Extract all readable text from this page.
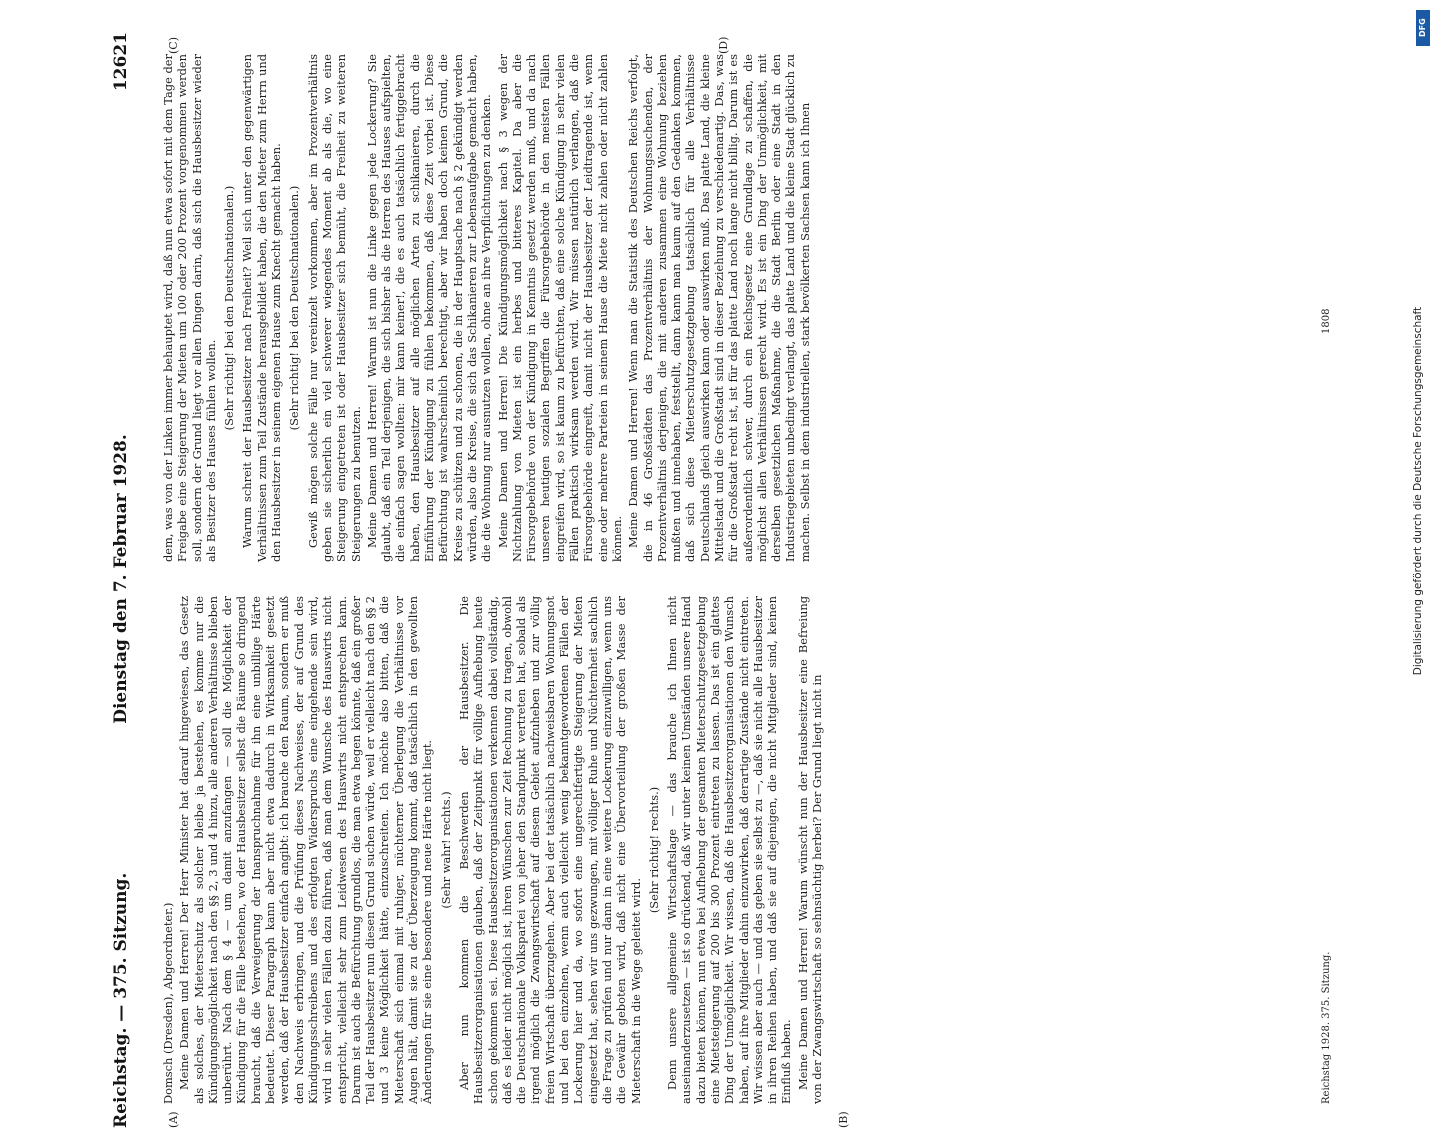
Reichstag. — 375. Sitzung.
Dienstag den 7. Februar 1928.
12621
(A)	(B)
(C)	(D)

Domsch (Dresden), Abgeordneter.) Meine Damen und Herren! Der Herr Minister hat darauf hingewiesen, das Gesetz als solches, der Mieterschutz als solcher bleibe ja bestehen, es komme nur die Kündigungsmöglichkeit nach den §§ 2, 3 und 4 hinzu, alle anderen Verhältnisse blieben unberührt. Nach dem § 4 — um damit anzufangen — soll die Möglichkeit der Kündigung für die Fälle bestehen, wo der Hausbesitzer selbst die Räume so dringend braucht, daß die Verweigerung der Inanspruchnahme für ihn eine unbillige Härte bedeutet. Dieser Paragraph kann aber nicht etwa dadurch in Wirksamkeit gesetzt werden, daß der Hausbesitzer einfach angibt: ich brauche den Raum, sondern er muß den Nachweis erbringen, und die Prüfung dieses Nachweises, der auf Grund des Kündigungsschreibens und des erfolgten Widerspruchs eine eingehende sein wird, wird in sehr vielen Fällen dazu führen, daß man dem Wunsche des Hauswirts nicht entspricht, vielleicht sehr zum Leidwesen des Hauswirts nicht entsprechen kann. Darum ist auch die Befürchtung grundlos, die man etwa hegen könnte, daß ein großer Teil der Hausbesitzer nun diesen Grund suchen würde, weil er vielleicht nach den §§ 2 und 3 keine Möglichkeit hätte, einzuschreiten. Ich möchte also bitten, daß die Mieterschaft sich einmal mit ruhiger, nüchterner Überlegung die Verhältnisse vor Augen hält, damit sie zu der Überzeugung kommt, daß tatsächlich in den gewollten Änderungen für sie eine besondere und neue Härte nicht liegt. (Sehr wahr! rechts.) Aber nun kommen die Beschwerden der Hausbesitzer. Die Hausbesitzerorganisationen glauben, daß der Zeitpunkt für völlige Aufhebung heute schon gekommen sei. Diese Hausbesitzerorganisationen verkennen dabei vollständig, daß es leider nicht möglich ist, ihren Wünschen zur Zeit Rechnung zu tragen, obwohl die Deutschnationale Volkspartei von jeher den Standpunkt vertreten hat, sobald als irgend möglich die Zwangswirtschaft auf diesem Gebiet aufzuheben und zur völlig freien Wirtschaft überzugehen. Aber bei der tatsächlich nachweisbaren Wohnungsnot und bei den einzelnen, wenn auch vielleicht wenig bekanntgewordenen Fällen der Lockerung hier und da, wo sofort eine ungerechtfertigte Steigerung der Mieten eingesetzt hat, sehen wir uns gezwungen, mit völliger Ruhe und Nüchternheit sachlich die Frage zu prüfen und nur dann in eine weitere Lockerung einzuwilligen, wenn uns die Gewähr geboten wird, daß nicht eine Übervorteilung der großen Masse der Mieterschaft in die Wege geleitet wird.

(Sehr richtig! rechts.) Denn unsere allgemeine Wirtschaftslage — das brauche ich Ihnen nicht auseinanderzusetzen — ist so drückend, daß wir unter keinen Umständen unsere Hand dazu bieten können, nun etwa bei Aufhebung der gesamten Mieterschutzgesetzgebung eine Mietsteigerung auf 200 bis 300 Prozent eintreten zu lassen. Das ist ein glattes Ding der Unmöglichkeit. Wir wissen, daß die Hausbesitzerorganisationen den Wunsch haben, auf ihre Mitglieder dahin einzuwirken, daß derartige Zustände nicht eintreten. Wir wissen aber auch — und das geben sie selbst zu —, daß sie nicht alle Hausbesitzer in ihren Reihen haben, und daß sie auf diejenigen, die nicht Mitglieder sind, keinen Einfluß haben. Meine Damen und Herren! Warum wünscht nun der Hausbesitzer eine Befreiung von der Zwangswirtschaft so sehnsüchtig herbei? Der Grund liegt nicht in

dem, was von der Linken immer behauptet wird, daß nun etwa sofort mit dem Tage der Freigabe eine Steigerung der Mieten um 100 oder 200 Prozent vorgenommen werden soll, sondern der Grund liegt vor allen Dingen darin, daß sich die Hausbesitzer wieder als Besitzer des Hauses fühlen wollen.

(Sehr richtig! bei den Deutschnationalen.) Warum schreit der Hausbesitzer nach Freiheit? Weil sich unter den gegenwärtigen Verhältnissen zum Teil Zustände herausgebildet haben, die den Mieter zum Herrn und den Hausbesitzer in seinem eigenen Hause zum Knecht gemacht haben. (Sehr richtig! bei den Deutschnationalen.) Gewiß mögen solche Fälle nur vereinzelt vorkommen, aber im Prozentverhältnis geben sie sicherlich ein viel schwerer wiegendes Moment ab als die, wo eine Steigerung eingetreten ist oder Hausbesitzer sich bemüht, die Freiheit zu weiteren Steigerungen zu benutzen. Meine Damen und Herren! Warum ist nun die Linke gegen jede Lockerung? Sie glaubt, daß ein Teil derjenigen, die sich bisher als die Herren des Hauses aufspielten, die einfach sagen wollten: mir kann keiner!, die es auch tatsächlich fertiggebracht haben, den Hausbesitzer auf alle möglichen Arten zu schikanieren, durch die Einführung der Kündigung zu fühlen bekommen, daß diese Zeit vorbei ist. Diese Befürchtung ist wahrscheinlich berechtigt, aber wir haben doch keinen Grund, die Kreise zu schützen und zu schonen, die in der Hauptsache nach § 2 gekündigt werden würden, also die Kreise, die sich das Schikanieren zur Lebensaufgabe gemacht haben, die die Wohnung nur ausnutzen wollen, ohne an ihre Verpflichtungen zu denken. Meine Damen und Herren! Die Kündigungsmöglichkeit nach § 3 wegen der Nichtzahlung von Mieten ist ein herbes und bitteres Kapitel. Da aber die Fürsorgebehörde von der Kündigung in Kenntnis gesetzt werden muß, und da nach unseren heutigen sozialen Begriffen die Fürsorgebehörde in den meisten Fällen eingreifen wird, so ist kaum zu befürchten, daß eine solche Kündigung in sehr vielen Fällen praktisch wirksam werden wird. Wir müssen natürlich verlangen, daß die Fürsorgebehörde eingreift, damit nicht der Hausbesitzer der Leidtragende ist, wenn eine oder mehrere Parteien in seinem Hause die Miete nicht zahlen oder nicht zahlen können. Meine Damen und Herren! Wenn man die Statistik des Deutschen Reichs verfolgt, die in 46 Großstädten das Prozentverhältnis der Wohnungssuchenden, der Prozentverhältnis derjenigen, die mit anderen zusammen eine Wohnung beziehen mußten und innehaben, feststellt, dann kann man kaum auf den Gedanken kommen, daß sich diese Mieterschutzgesetzgebung tatsächlich für alle Verhältnisse Deutschlands gleich auswirken kann oder auswirken muß. Das platte Land, die kleine Mittelstadt und die Großstadt sind in dieser Beziehung zu verschiedenartig. Das, was für die Großstadt recht ist, ist für das platte Land noch lange nicht billig. Darum ist es außerordentlich schwer, durch ein Reichsgesetz eine Grundlage zu schaffen, die möglichst allen Verhältnissen gerecht wird. Es ist ein Ding der Unmöglichkeit, mit derselben gesetzlichen Maßnahme, die die Stadt Berlin oder eine Stadt in den Industriegebieten unbedingt verlangt, das platte Land und die kleine Stadt glücklich zu machen. Selbst in dem industriellen, stark bevölkerten Sachsen kann ich Ihnen

Reichstag 1928. 375. Sitzung.
1808
DFG
Digitalisierung gefördert durch die Deutsche Forschungsgemeinschaft
